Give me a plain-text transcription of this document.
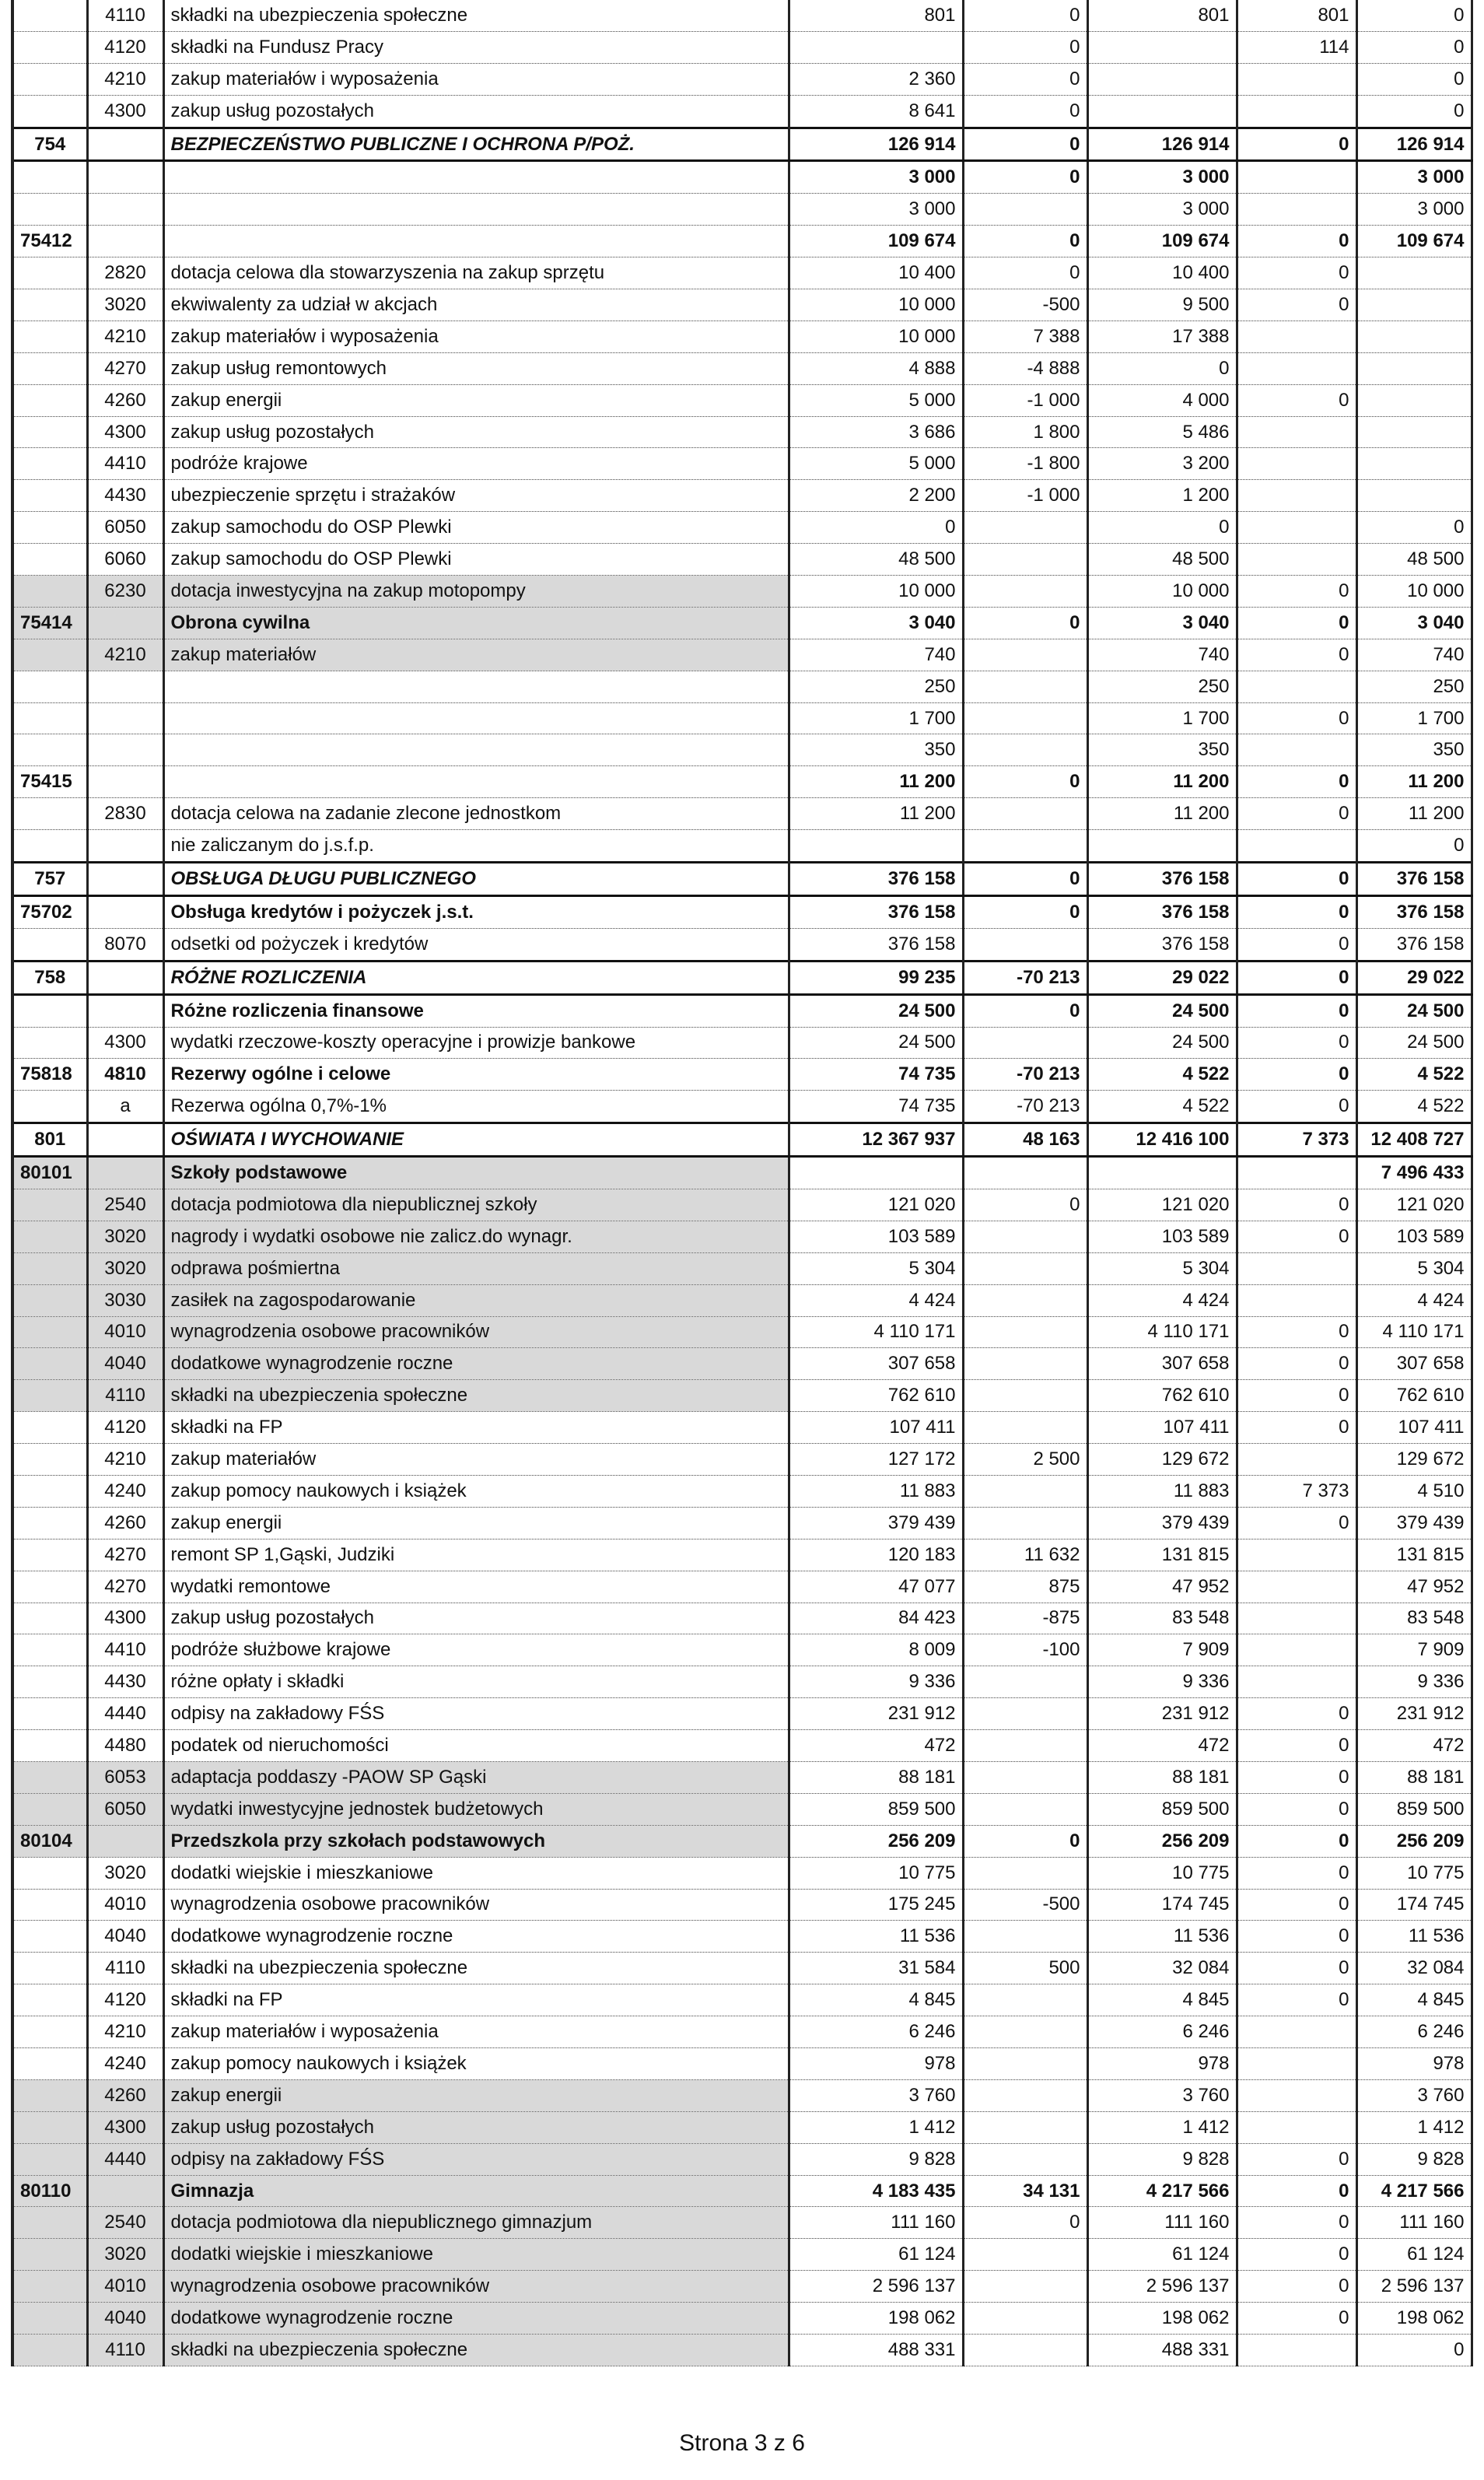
	4110	składki na ubezpieczenia społeczne	801	0	801	801	0
	4120	składki na Fundusz Pracy		0		114	0
	4210	zakup materiałów i wyposażenia	2 360	0			0
	4300	zakup usług pozostałych	8 641	0			0
754		BEZPIECZEŃSTWO PUBLICZNE I OCHRONA P/POŻ.	126 914	0	126 914	0	126 914
			3 000	0	3 000		3 000
			3 000		3 000		3 000
75412			109 674	0	109 674	0	109 674
	2820	dotacja celowa dla stowarzyszenia na zakup sprzętu	10 400	0	10 400	0	
	3020	ekwiwalenty za udział w akcjach	10 000	-500	9 500	0	
	4210	zakup materiałów i wyposażenia	10 000	7 388	17 388		
	4270	zakup usług remontowych	4 888	-4 888	0		
	4260	zakup energii	5 000	-1 000	4 000	0	
	4300	zakup usług pozostałych	3 686	1 800	5 486		
	4410	podróże krajowe	5 000	-1 800	3 200		
	4430	ubezpieczenie sprzętu i strażaków	2 200	-1 000	1 200		
	6050	zakup samochodu do OSP Plewki	0		0		0
	6060	zakup samochodu do OSP Plewki	48 500		48 500		48 500
	6230	dotacja inwestycyjna na zakup motopompy	10 000		10 000	0	10 000
75414		Obrona cywilna	3 040	0	3 040	0	3 040
	4210	zakup materiałów	740		740	0	740
			250		250		250
			1 700		1 700	0	1 700
			350		350		350
75415			11 200	0	11 200	0	11 200
	2830	dotacja celowa na zadanie zlecone jednostkom	11 200		11 200	0	11 200
		nie zaliczanym do j.s.f.p.					0
757		OBSŁUGA DŁUGU PUBLICZNEGO	376 158	0	376 158	0	376 158
75702		Obsługa kredytów i pożyczek j.s.t.	376 158	0	376 158	0	376 158
	8070	odsetki od pożyczek i kredytów	376 158		376 158	0	376 158
758		RÓŻNE ROZLICZENIA	99 235	-70 213	29 022	0	29 022
		Różne rozliczenia finansowe	24 500	0	24 500	0	24 500
	4300	wydatki rzeczowe-koszty operacyjne i prowizje bankowe	24 500		24 500	0	24 500
75818	4810	Rezerwy ogólne i celowe	74 735	-70 213	4 522	0	4 522
	a	Rezerwa ogólna 0,7%-1%	74 735	-70 213	4 522	0	4 522
801		OŚWIATA I WYCHOWANIE	12 367 937	48 163	12 416 100	7 373	12 408 727
80101		Szkoły podstawowe					7 496 433
	2540	dotacja podmiotowa dla niepublicznej szkoły	121 020	0	121 020	0	121 020
	3020	nagrody i wydatki osobowe nie zalicz.do wynagr.	103 589		103 589	0	103 589
	3020	odprawa pośmiertna	5 304		5 304		5 304
	3030	zasiłek na zagospodarowanie	4 424		4 424		4 424
	4010	wynagrodzenia osobowe pracowników	4 110 171		4 110 171	0	4 110 171
	4040	dodatkowe wynagrodzenie roczne	307 658		307 658	0	307 658
	4110	składki na ubezpieczenia społeczne	762 610		762 610	0	762 610
	4120	składki na FP	107 411		107 411	0	107 411
	4210	zakup materiałów	127 172	2 500	129 672		129 672
	4240	zakup pomocy naukowych i książek	11 883		11 883	7 373	4 510
	4260	zakup energii	379 439		379 439	0	379 439
	4270	remont SP 1,Gąski, Judziki	120 183	11 632	131 815		131 815
	4270	wydatki remontowe	47 077	875	47 952		47 952
	4300	zakup usług pozostałych	84 423	-875	83 548		83 548
	4410	podróże służbowe krajowe	8 009	-100	7 909		7 909
	4430	różne opłaty i składki	9 336		9 336		9 336
	4440	odpisy na zakładowy FŚS	231 912		231 912	0	231 912
	4480	podatek od nieruchomości	472		472	0	472
	6053	adaptacja poddaszy -PAOW SP Gąski	88 181		88 181	0	88 181
	6050	wydatki inwestycyjne jednostek budżetowych	859 500		859 500	0	859 500
80104		Przedszkola przy szkołach podstawowych	256 209	0	256 209	0	256 209
	3020	dodatki wiejskie i mieszkaniowe	10 775		10 775	0	10 775
	4010	wynagrodzenia osobowe pracowników	175 245	-500	174 745	0	174 745
	4040	dodatkowe wynagrodzenie roczne	11 536		11 536	0	11 536
	4110	składki na ubezpieczenia społeczne	31 584	500	32 084	0	32 084
	4120	składki na FP	4 845		4 845	0	4 845
	4210	zakup materiałów i wyposażenia	6 246		6 246		6 246
	4240	zakup pomocy naukowych i książek	978		978		978
	4260	zakup energii	3 760		3 760		3 760
	4300	zakup usług pozostałych	1 412		1 412		1 412
	4440	odpisy na zakładowy FŚS	9 828		9 828	0	9 828
80110		Gimnazja	4 183 435	34 131	4 217 566	0	4 217 566
	2540	dotacja podmiotowa dla niepublicznego gimnazjum	111 160	0	111 160	0	111 160
	3020	dodatki wiejskie i mieszkaniowe	61 124		61 124	0	61 124
	4010	wynagrodzenia osobowe pracowników	2 596 137		2 596 137	0	2 596 137
	4040	dodatkowe wynagrodzenie roczne	198 062		198 062	0	198 062
	4110	składki na ubezpieczenia społeczne	488 331		488 331		0
Strona 3 z 6
